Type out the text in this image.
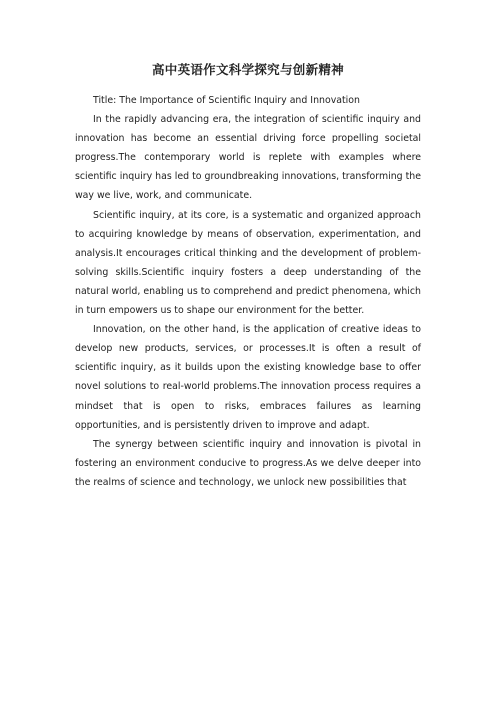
高中英语作文科学探究与创新精神

Title: The Importance of Scientific Inquiry and Innovation

In the rapidly advancing era, the integration of scientific inquiry and innovation has become an essential driving force propelling societal progress.The contemporary world is replete with examples where scientific inquiry has led to groundbreaking innovations, transforming the way we live, work, and communicate.

Scientific inquiry, at its core, is a systematic and organized approach to acquiring knowledge by means of observation, experimentation, and analysis.It encourages critical thinking and the development of problem-solving skills.Scientific inquiry fosters a deep understanding of the natural world, enabling us to comprehend and predict phenomena, which in turn empowers us to shape our environment for the better.

Innovation, on the other hand, is the application of creative ideas to develop new products, services, or processes.It is often a result of scientific inquiry, as it builds upon the existing knowledge base to offer novel solutions to real-world problems.The innovation process requires a mindset that is open to risks, embraces failures as learning opportunities, and is persistently driven to improve and adapt.

The synergy between scientific inquiry and innovation is pivotal in fostering an environment conducive to progress.As we delve deeper into the realms of science and technology, we unlock new possibilities that
